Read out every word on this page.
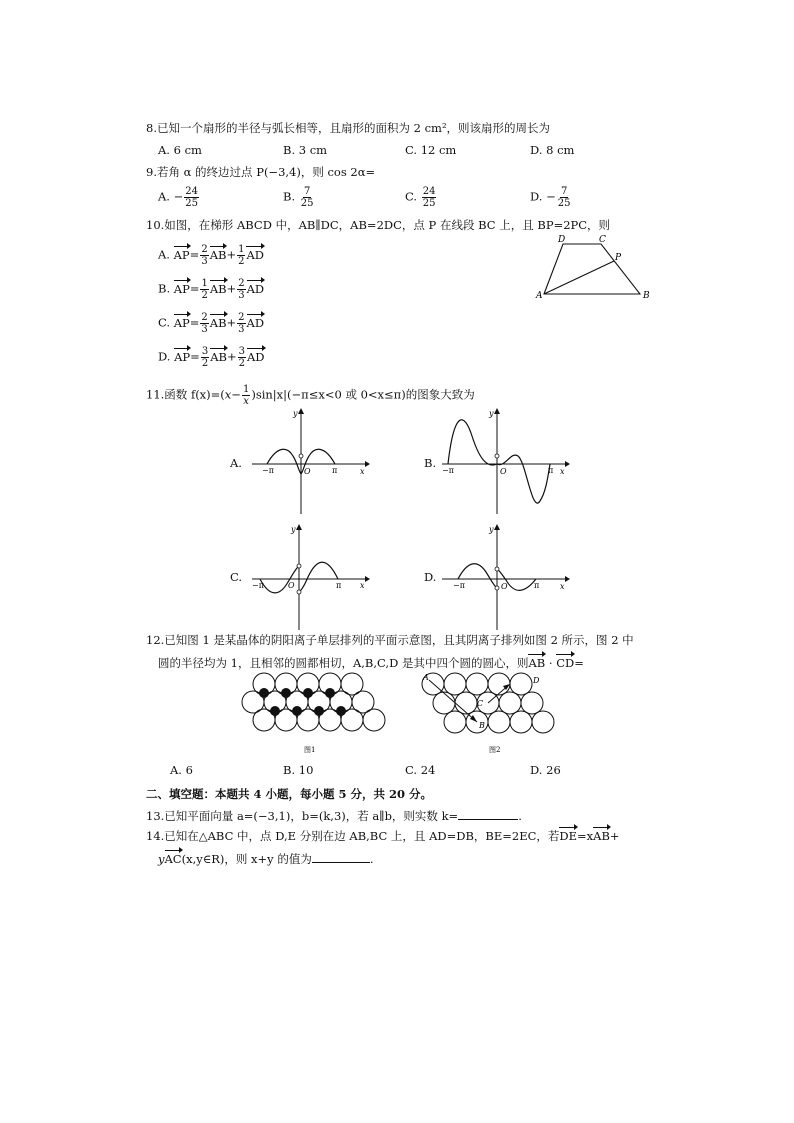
8.已知一个扇形的半径与弧长相等，且扇形的面积为 2 cm²，则该扇形的周长为
A. 6 cm	B. 3 cm	C. 12 cm	D. 8 cm
9.若角 α 的终边过点 P(−3,4)，则 cos 2α=
A. − $\frac{24}{25}$	B. $\frac{7}{25}$	C. $\frac{24}{25}$	D. − $\frac{7}{25}$
10.如图，在梯形 ABCD 中，AB∥DC，AB=2DC，点 P 在线段 BC 上，且 BP=2PC，则
A. $AP= \frac{2}{3} AB+ \frac{1}{2}$ AD
B. $AP= \frac{1}{2} AB+ \frac{2}{3}$ AD
C. $AP= \frac{2}{3} AB+ \frac{2}{3}$ AD
D. $AP= \frac{3}{2} AB+ \frac{3}{2}$ AD
A	B
C
D
P
11.函数 $f(x)=(x- \frac{1}{x} )\sin|x|(-\pi\le x<0$ 或 0<x≤π)的图象大致为
A.
−π	π
O	x
y
B.
−π	π
O	x
y
C.
−π	π
O	x
y
D.
−π	π
O	x
y
12.已知图 1 是某晶体的阴阳离子单层排列的平面示意图，且其阴离子排列如图 2 所示，图 2 中
圆的半径均为 1，且相邻的圆都相切，A,B,C,D 是其中四个圆的圆心，则AB · CD=
图1
A
B
C
D
图2
A. 6	B. 10	C. 24	D. 26
二、填空题：本题共 4 小题，每小题 5 分，共 20 分。
13.已知平面向量 a=(−3,1)，b=(k,3)，若 a∥b，则实数 k=	.
14.已知在△ABC 中，点 D,E 分别在边 AB,BC 上，且 AD=DB，BE=2EC，若DE=xAB+
yAC(x,y∈R)，则 x+y 的值为	.
